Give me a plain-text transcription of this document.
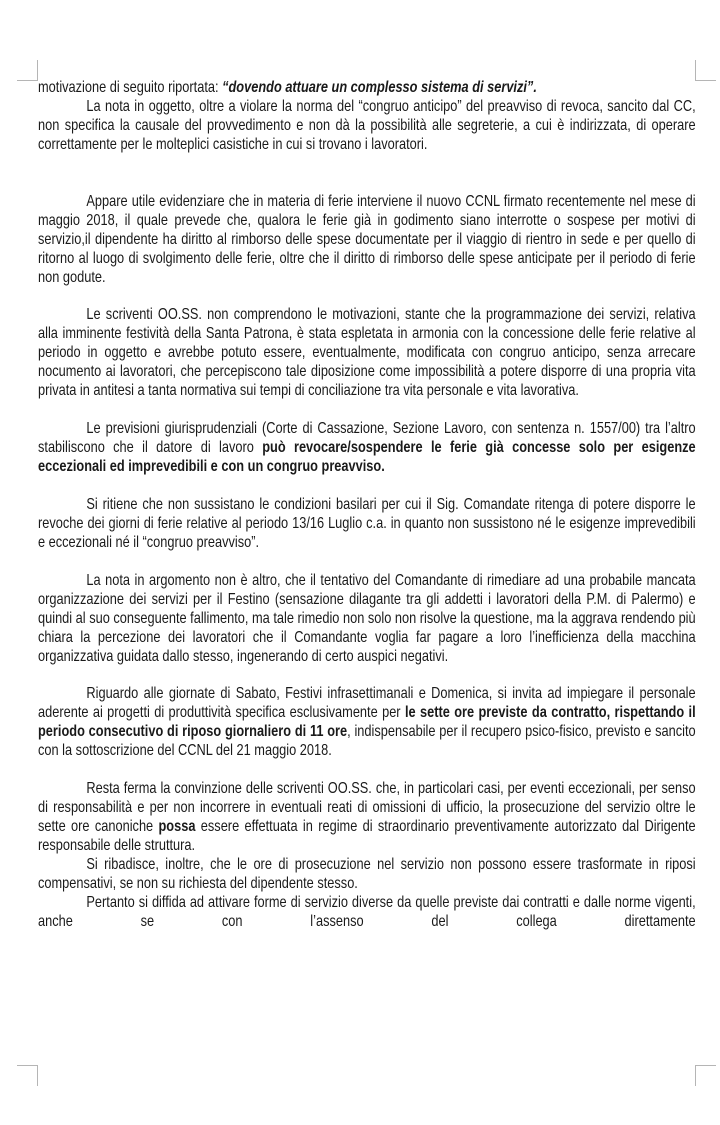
motivazione di seguito riportata: “dovendo attuare un complesso sistema di servizi”.

La nota in oggetto, oltre a violare la norma del “congruo anticipo” del preavviso di revoca, sancito dal CC, non specifica la causale del provvedimento e non dà la possibilità alle segreterie, a cui è indirizzata, di operare correttamente per le molteplici casistiche in cui si trovano i lavoratori.

Appare utile evidenziare che in materia di ferie interviene il nuovo CCNL firmato recentemente nel mese di maggio 2018, il quale prevede che, qualora le ferie già in godimento siano interrotte o sospese per motivi di servizio,il dipendente ha diritto al rimborso delle spese documentate per il viaggio di rientro in sede e per quello di ritorno al luogo di svolgimento delle ferie, oltre che il diritto di rimborso delle spese anticipate per il periodo di ferie non godute.

Le scriventi OO.SS. non comprendono le motivazioni, stante che la programmazione dei servizi, relativa alla imminente festività della Santa Patrona, è stata espletata in armonia con la concessione delle ferie relative al periodo in oggetto e avrebbe potuto essere, eventualmente, modificata con congruo anticipo, senza arrecare nocumento ai lavoratori, che percepiscono tale diposizione come impossibilità a potere disporre di una propria vita privata in antitesi a tanta normativa sui tempi di conciliazione tra vita personale e vita lavorativa.

Le previsioni giurisprudenziali (Corte di Cassazione, Sezione Lavoro, con sentenza n. 1557/00) tra l’altro stabiliscono che il datore di lavoro può revocare/sospendere le ferie già concesse solo per esigenze eccezionali ed imprevedibili e con un congruo preavviso.

Si ritiene che non sussistano le condizioni basilari per cui il Sig. Comandate ritenga di potere disporre le revoche dei giorni di ferie relative al periodo 13/16 Luglio c.a. in quanto non sussistono né le esigenze imprevedibili e eccezionali né il “congruo preavviso”.

La nota in argomento non è altro, che il tentativo del Comandante di rimediare ad una probabile mancata organizzazione dei servizi per il Festino (sensazione dilagante tra gli addetti i lavoratori della P.M. di Palermo) e quindi al suo conseguente fallimento, ma tale rimedio non solo non risolve la questione, ma la aggrava rendendo più chiara la percezione dei lavoratori che il Comandante voglia far pagare a loro l’inefficienza della macchina organizzativa guidata dallo stesso, ingenerando di certo auspici negativi.

Riguardo alle giornate di Sabato, Festivi infrasettimanali e Domenica, si invita ad impiegare il personale aderente ai progetti di produttività specifica esclusivamente per le sette ore previste da contratto, rispettando il periodo consecutivo di riposo giornaliero di 11 ore, indispensabile per il recupero psico-fisico, previsto e sancito con la sottoscrizione del CCNL del 21 maggio 2018.

Resta ferma la convinzione delle scriventi OO.SS. che, in particolari casi, per eventi eccezionali, per senso di responsabilità e per non incorrere in eventuali reati di omissioni di ufficio, la prosecuzione del servizio oltre le sette ore canoniche possa essere effettuata in regime di straordinario preventivamente autorizzato dal Dirigente responsabile delle struttura.

Si ribadisce, inoltre, che le ore di prosecuzione nel servizio non possono essere trasformate in riposi compensativi, se non su richiesta del dipendente stesso.

Pertanto si diffida ad attivare forme di servizio diverse da quelle previste dai contratti e dalle norme vigenti, anche se con l’assenso del collega direttamente
